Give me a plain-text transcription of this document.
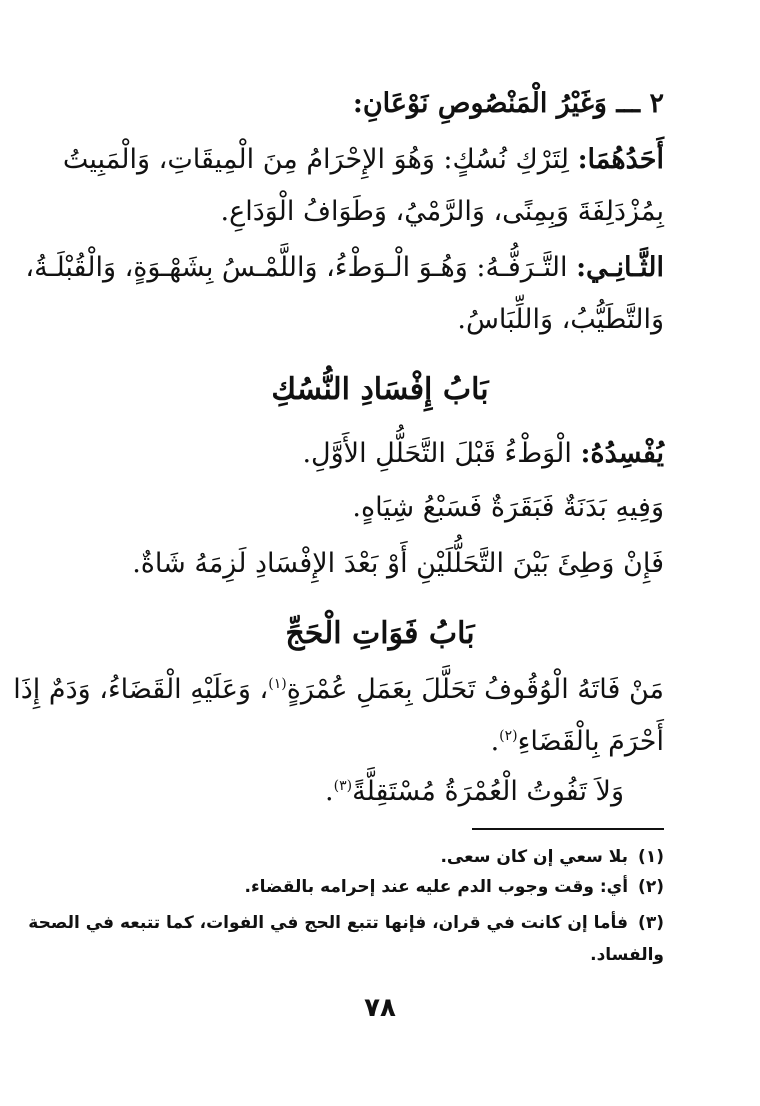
٢ ـــ وَغَيْرُ الْمَنْصُوصِ نَوْعَانِ:
أَحَدُهُمَا: لِتَرْكِ نُسُكٍ: وَهُوَ الإِحْرَامُ مِنَ الْمِيقَاتِ، وَالْمَبِيتُ
بِمُزْدَلِفَةَ وَبِمِنًى، وَالرَّمْيُ، وَطَوَافُ الْوَدَاعِ.
الثَّـانِـي: التَّـرَفُّـهُ: وَهُـوَ الْـوَطْءُ، وَاللَّمْـسُ بِشَهْـوَةٍ، وَالْقُبْلَـةُ،
وَالتَّطَيُّبُ، وَاللِّبَاسُ.
بَابُ إِفْسَادِ النُّسُكِ
يُفْسِدُهُ: الْوَطْءُ قَبْلَ التَّحَلُّلِ الأَوَّلِ.
وَفِيهِ بَدَنَةٌ فَبَقَرَةٌ فَسَبْعُ شِيَاهٍ.
فَإِنْ وَطِئَ بَيْنَ التَّحَلُّلَيْنِ أَوْ بَعْدَ الإِفْسَادِ لَزِمَهُ شَاةٌ.
بَابُ فَوَاتِ الْحَجِّ
مَنْ فَاتَهُ الْوُقُوفُ تَحَلَّلَ بِعَمَلِ عُمْرَةٍ$^{(١)}$، وَعَلَيْهِ الْقَضَاءُ، وَدَمٌ إِذَا
أَحْرَمَ بِالْقَضَاءِ$^{(٢)}$.
وَلاَ تَفُوتُ الْعُمْرَةُ مُسْتَقِلَّةً$^{(٣)}$.
(١)بلا سعي إن كان سعى.
(٢)أي: وقت وجوب الدم عليه عند إحرامه بالقضاء.
(٣)فأما إن كانت في قران، فإنها تتبع الحج في الفوات، كما تتبعه في الصحة
والفساد.
٧٨
